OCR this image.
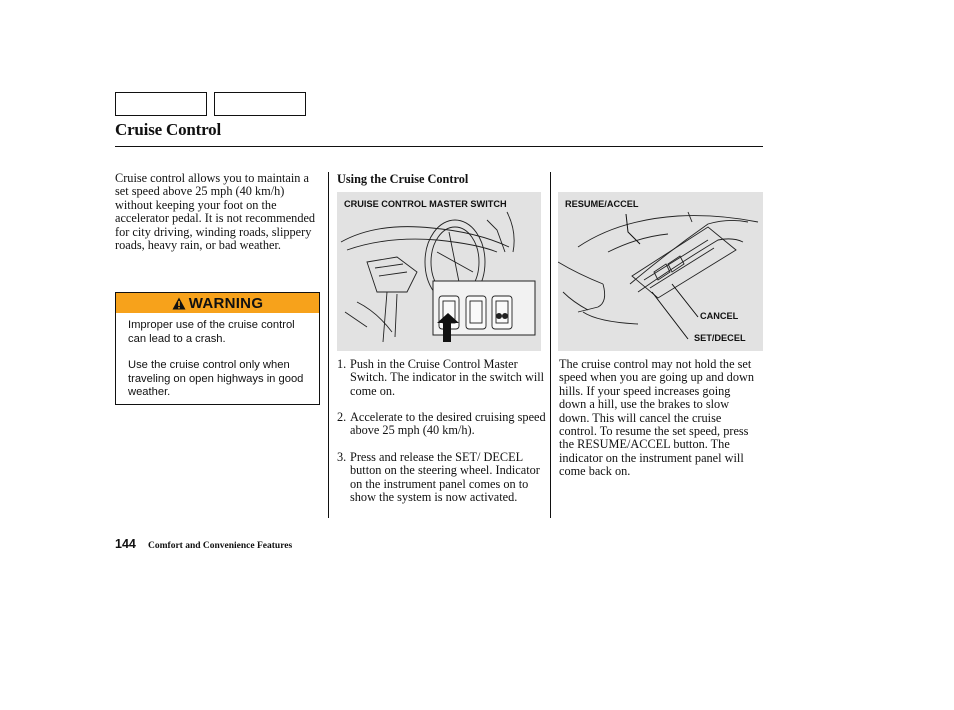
Cruise Control
Cruise control allows you to maintain a set speed above 25 mph (40 km/h) without keeping your foot on the accelerator pedal. It is not recommended for city driving, winding roads, slippery roads, heavy rain, or bad weather.
WARNING

Improper use of the cruise control can lead to a crash.

Use the cruise control only when traveling on open highways in good weather.

Using the Cruise Control
CRUISE CONTROL MASTER SWITCH	RESUME/ACCEL
CANCEL
SET/DECEL
1. Push in the Cruise Control Master Switch. The indicator in the switch will come on.
2. Accelerate to the desired cruising speed above 25 mph (40 km/h).
3. Press and release the SET/ DECEL button on the steering wheel. Indicator on the instrument panel comes on to show the system is now activated.
The cruise control may not hold the set speed when you are going up and down hills. If your speed increases going down a hill, use the brakes to slow down. This will cancel the cruise control. To resume the set speed, press the RESUME/ACCEL button. The indicator on the instrument panel will come back on.
144 Comfort and Convenience Features
